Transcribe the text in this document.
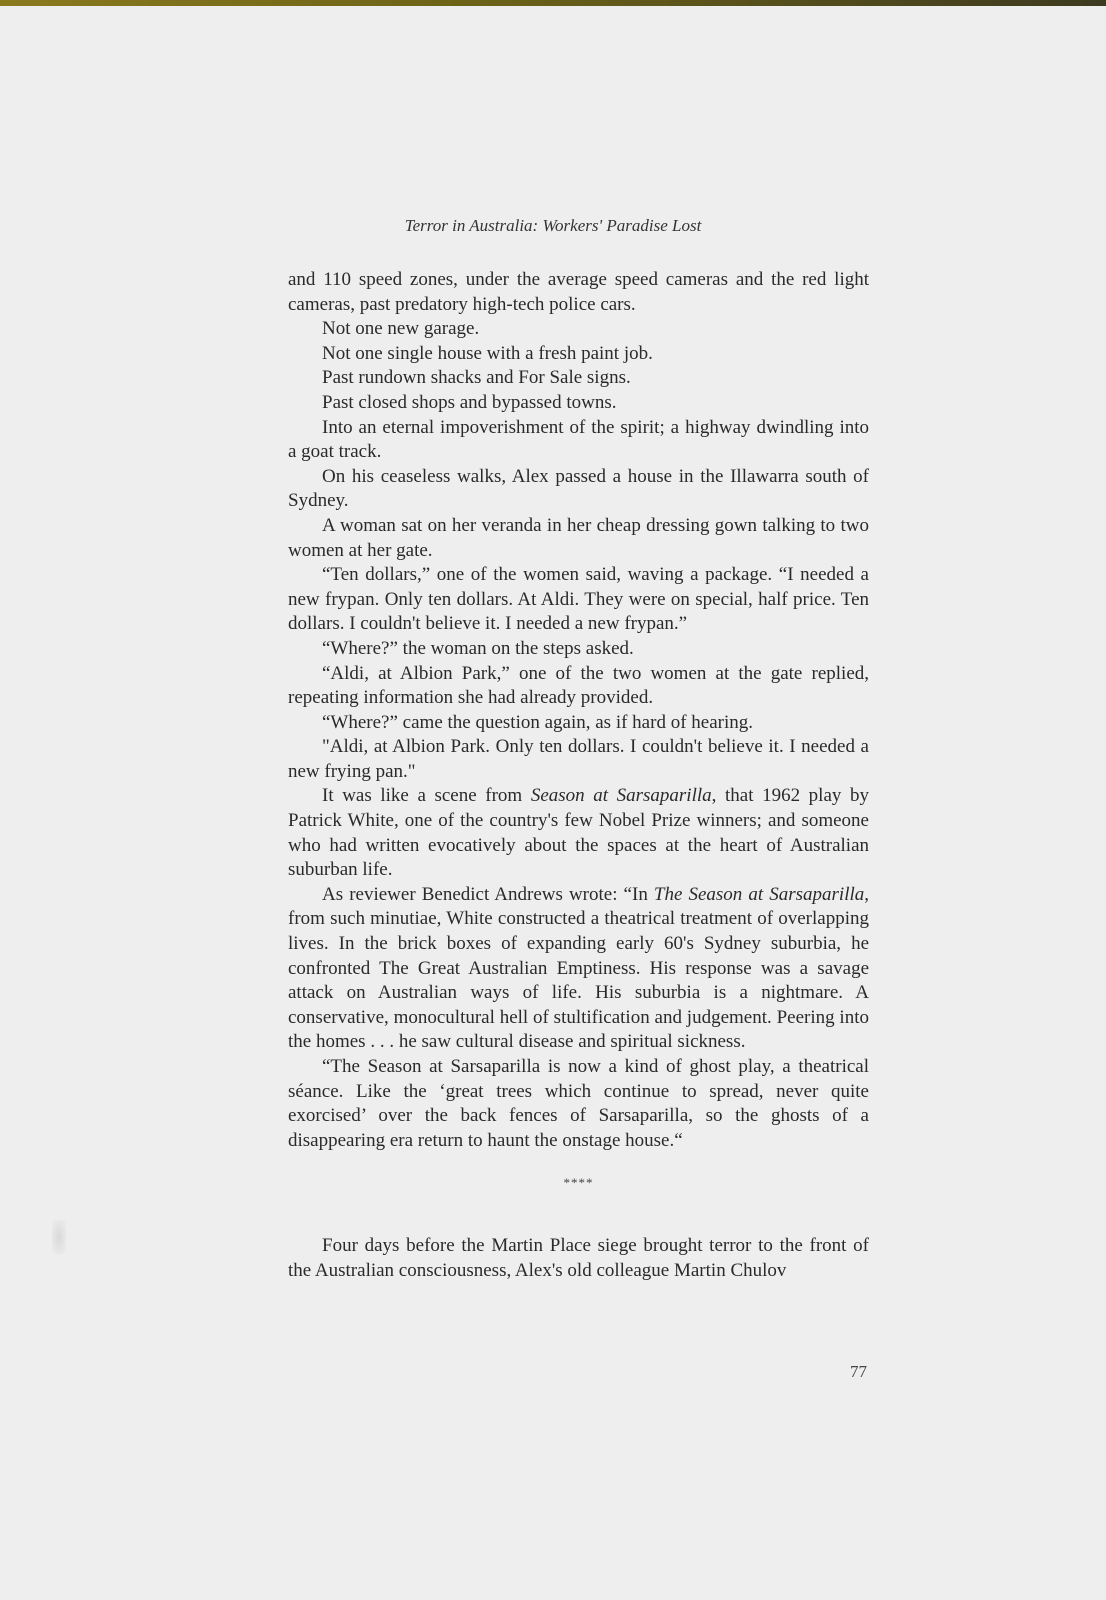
Terror in Australia: Workers' Paradise Lost

and 110 speed zones, under the average speed cameras and the red light cameras, past predatory high-tech police cars.

Not one new garage.

Not one single house with a fresh paint job.

Past rundown shacks and For Sale signs.

Past closed shops and bypassed towns.

Into an eternal impoverishment of the spirit; a highway dwindling into a goat track.

On his ceaseless walks, Alex passed a house in the Illawarra south of Sydney.

A woman sat on her veranda in her cheap dressing gown talking to two women at her gate.

“Ten dollars,” one of the women said, waving a package. “I needed a new frypan. Only ten dollars. At Aldi. They were on special, half price. Ten dollars. I couldn't believe it. I needed a new frypan.”

“Where?” the woman on the steps asked.

“Aldi, at Albion Park,” one of the two women at the gate replied, repeating information she had already provided.

“Where?” came the question again, as if hard of hearing.

"Aldi, at Albion Park. Only ten dollars. I couldn't believe it. I needed a new frying pan."

It was like a scene from Season at Sarsaparilla, that 1962 play by Patrick White, one of the country's few Nobel Prize winners; and someone who had written evocatively about the spaces at the heart of Australian suburban life.

As reviewer Benedict Andrews wrote: “In The Season at Sarsaparilla, from such minutiae, White constructed a theatrical treatment of overlapping lives. In the brick boxes of expanding early 60's Sydney suburbia, he confronted The Great Australian Emptiness. His response was a savage attack on Australian ways of life. His suburbia is a nightmare. A conservative, monocultural hell of stultification and judgement. Peering into the homes . . . he saw cultural disease and spiritual sickness.

“The Season at Sarsaparilla is now a kind of ghost play, a theatrical séance. Like the ‘great trees which continue to spread, never quite exorcised’ over the back fences of Sarsaparilla, so the ghosts of a disappearing era return to haunt the onstage house.“

****

Four days before the Martin Place siege brought terror to the front of the Australian consciousness, Alex's old colleague Martin Chulov

77
